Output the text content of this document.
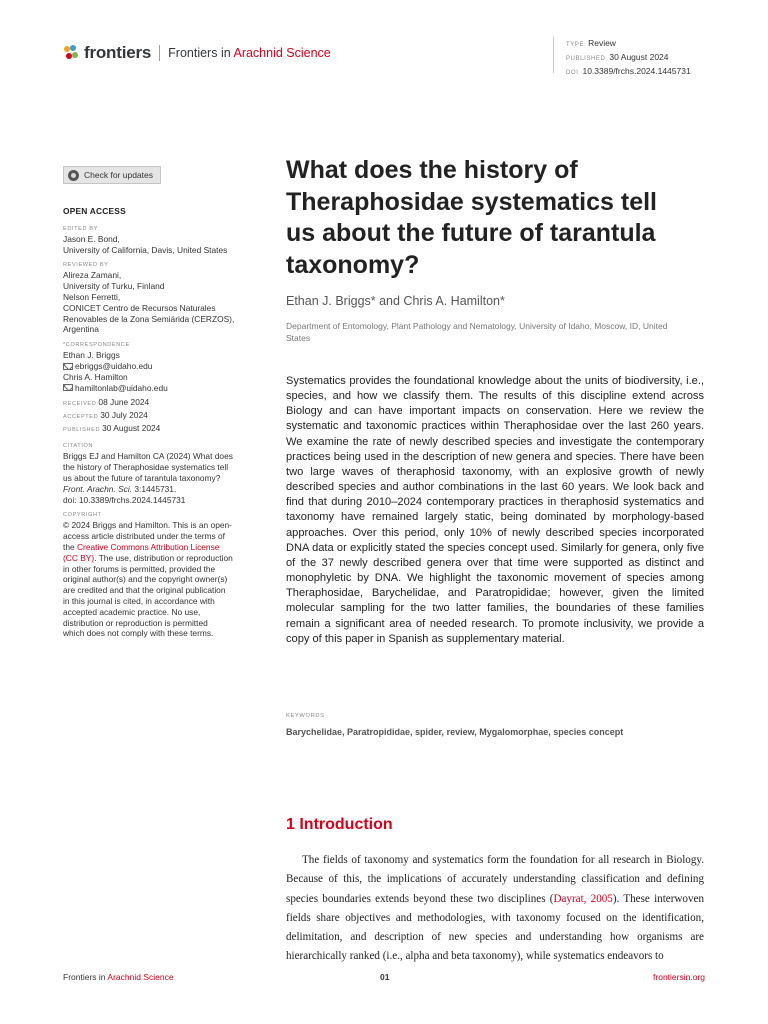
frontiers Frontiers in Arachnid Science
TYPE Review
PUBLISHED 30 August 2024
DOI 10.3389/frchs.2024.1445731
Check for updates
OPEN ACCESS
EDITED BY
Jason E. Bond,
University of California, Davis, United States
REVIEWED BY
Alireza Zamani,
University of Turku, Finland
Nelson Ferretti,
CONICET Centro de Recursos Naturales
Renovables de la Zona Semiárida (CERZOS),
Argentina
*CORRESPONDENCE
Ethan J. Briggs
ebriggs@uidaho.edu
Chris A. Hamilton
hamiltonlab@uidaho.edu
RECEIVED 08 June 2024
ACCEPTED 30 July 2024
PUBLISHED 30 August 2024
CITATION
Briggs EJ and Hamilton CA (2024) What does
the history of Theraphosidae systematics tell
us about the future of tarantula taxonomy?
Front. Arachn. Sci. 3:1445731.
doi: 10.3389/frchs.2024.1445731
COPYRIGHT
© 2024 Briggs and Hamilton. This is an open-
access article distributed under the terms of
the Creative Commons Attribution License
(CC BY). The use, distribution or reproduction
in other forums is permitted, provided the
original author(s) and the copyright owner(s)
are credited and that the original publication
in this journal is cited, in accordance with
accepted academic practice. No use,
distribution or reproduction is permitted
which does not comply with these terms.
What does the history of Theraphosidae systematics tell us about the future of tarantula taxonomy?
Ethan J. Briggs* and Chris A. Hamilton*
Department of Entomology, Plant Pathology and Nematology, University of Idaho, Moscow, ID, United States

Systematics provides the foundational knowledge about the units of biodiversity, i.e., species, and how we classify them. The results of this discipline extend across Biology and can have important impacts on conservation. Here we review the systematic and taxonomic practices within Theraphosidae over the last 260 years. We examine the rate of newly described species and investigate the contemporary practices being used in the description of new genera and species. There have been two large waves of theraphosid taxonomy, with an explosive growth of newly described species and author combinations in the last 60 years. We look back and find that during 2010–2024 contemporary practices in theraphosid systematics and taxonomy have remained largely static, being dominated by morphology-based approaches. Over this period, only 10% of newly described species incorporated DNA data or explicitly stated the species concept used. Similarly for genera, only five of the 37 newly described genera over that time were supported as distinct and monophyletic by DNA. We highlight the taxonomic movement of species among Theraphosidae, Barychelidae, and Paratropididae; however, given the limited molecular sampling for the two latter families, the boundaries of these families remain a significant area of needed research. To promote inclusivity, we provide a copy of this paper in Spanish as supplementary material.

KEYWORDS
Barychelidae, Paratropididae, spider, review, Mygalomorphae, species concept
1 Introduction

The fields of taxonomy and systematics form the foundation for all research in Biology. Because of this, the implications of accurately understanding classification and defining species boundaries extends beyond these two disciplines (Dayrat, 2005). These interwoven fields share objectives and methodologies, with taxonomy focused on the identification, delimitation, and description of new species and understanding how organisms are hierarchically ranked (i.e., alpha and beta taxonomy), while systematics endeavors to

Frontiers in Arachnid Science	01	frontiersin.org
